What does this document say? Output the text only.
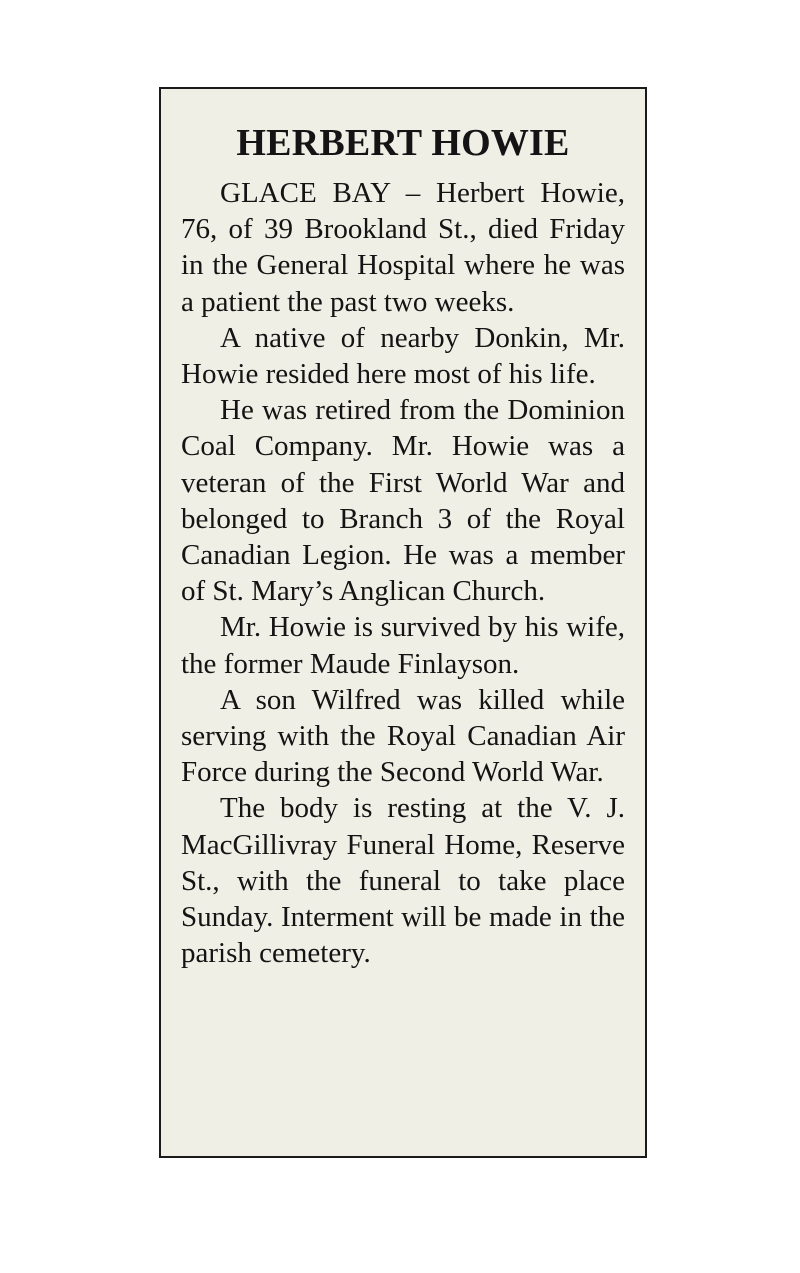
HERBERT HOWIE

GLACE BAY – Herbert Howie, 76, of 39 Brookland St., died Friday in the General Hospital where he was a patient the past two weeks.

A native of nearby Donkin, Mr. Howie resided here most of his life.

He was retired from the Dominion Coal Company. Mr. Howie was a veteran of the First World War and belonged to Branch 3 of the Royal Canadian Legion. He was a member of St. Mary’s Anglican Church.

Mr. Howie is survived by his wife, the former Maude Finlayson.

A son Wilfred was killed while serving with the Royal Canadian Air Force during the Second World War.

The body is resting at the V. J. MacGillivray Funeral Home, Reserve St., with the funeral to take place Sunday. Interment will be made in the parish cemetery.
